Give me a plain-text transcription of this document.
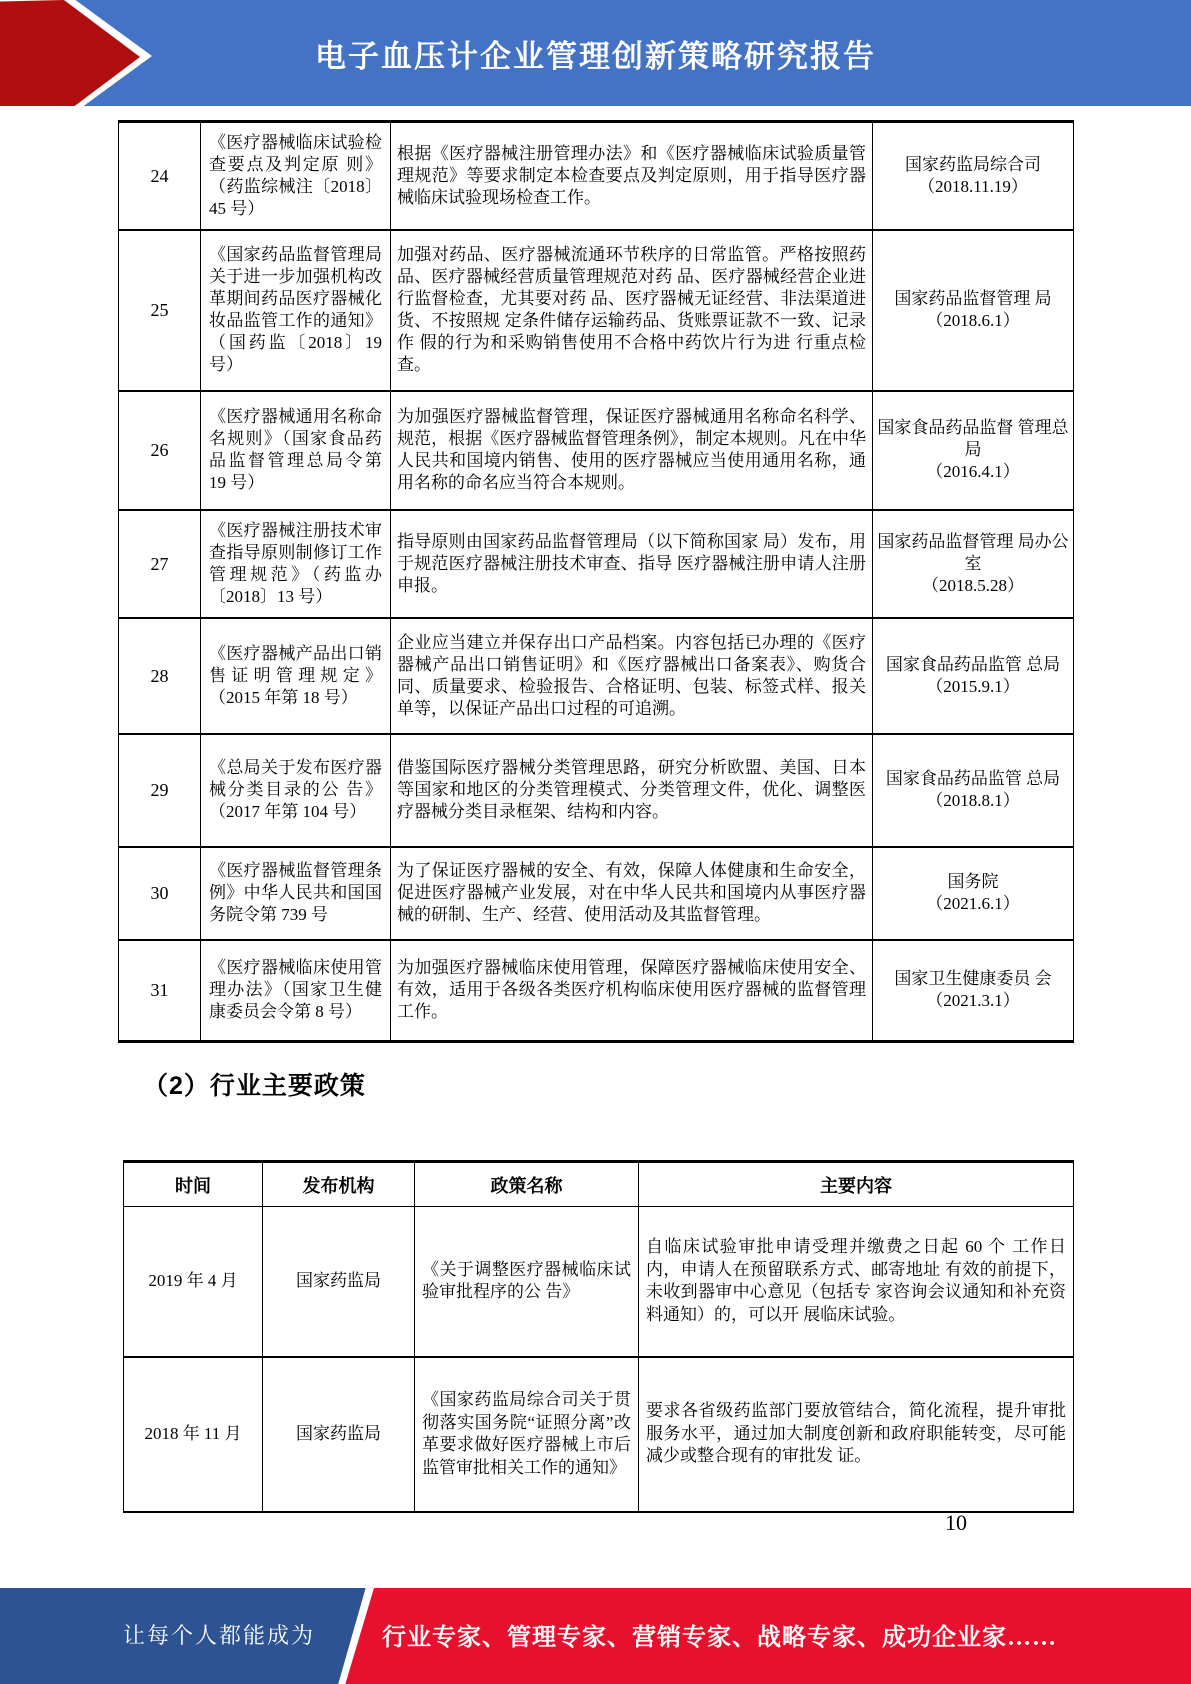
电子血压计企业管理创新策略研究报告
24	《医疗器械临床试验检查要点及判定原 则》（药监综械注〔2018〕 45 号）	根据《医疗器械注册管理办法》和《医疗器械临床试验质量管理规范》等要求制定本检查要点及判定原则，用于指导医疗器械临床试验现场检查工作。	国家药监局综合司
（2018.11.19）

25	《国家药品监督管理局关于进一步加强机构改革期间药品医疗器械化妆品监管工作的通知》（国药监〔2018〕19 号）	加强对药品、医疗器械流通环节秩序的日常监管。严格按照药品、医疗器械经营质量管理规范对药 品、医疗器械经营企业进行监督检查，尤其要对药 品、医疗器械无证经营、非法渠道进货、不按照规 定条件储存运输药品、货账票证款不一致、记录作 假的行为和采购销售使用不合格中药饮片行为进 行重点检查。	国家药品监督管理 局
（2018.6.1）

26	《医疗器械通用名称命名规则》（国家食品药品监督管理总局令第 19 号）	为加强医疗器械监督管理，保证医疗器械通用名称命名科学、规范，根据《医疗器械监督管理条例》，制定本规则。凡在中华人民共和国境内销售、使用的医疗器械应当使用通用名称，通用名称的命名应当符合本规则。	国家食品药品监督 管理总局
（2016.4.1）

27	《医疗器械注册技术审查指导原则制修订工作管理规范》（药监办〔2018〕13 号）	指导原则由国家药品监督管理局（以下简称国家 局）发布，用于规范医疗器械注册技术审查、指导 医疗器械注册申请人注册申报。	国家药品监督管理 局办公室
（2018.5.28）

28	《医疗器械产品出口销售证明管理规定》（2015 年第 18 号）	企业应当建立并保存出口产品档案。内容包括已办理的《医疗器械产品出口销售证明》和《医疗器械出口备案表》、购货合同、质量要求、检验报告、合格证明、包装、标签式样、报关单等，以保证产品出口过程的可追溯。	国家食品药品监管 总局
（2015.9.1）

29	《总局关于发布医疗器械分类目录的公 告》（2017 年第 104 号）	借鉴国际医疗器械分类管理思路，研究分析欧盟、美国、日本等国家和地区的分类管理模式、分类管理文件，优化、调整医疗器械分类目录框架、结构和内容。	国家食品药品监管 总局
（2018.8.1）

30	《医疗器械监督管理条例》中华人民共和国国务院令第 739 号	为了保证医疗器械的安全、有效，保障人体健康和生命安全，促进医疗器械产业发展，对在中华人民共和国境内从事医疗器械的研制、生产、经营、使用活动及其监督管理。	国务院
（2021.6.1）

31	《医疗器械临床使用管理办法》（国家卫生健康委员会令第 8 号）	为加强医疗器械临床使用管理，保障医疗器械临床使用安全、有效，适用于各级各类医疗机构临床使用医疗器械的监督管理工作。	国家卫生健康委员 会
（2021.3.1）
（2）行业主要政策
时间	发布机构	政策名称	主要内容
2019 年 4 月	国家药监局	《关于调整医疗器械临床试验审批程序的公 告》	自临床试验审批申请受理并缴费之日起 60 个 工作日内，申请人在预留联系方式、邮寄地址 有效的前提下，未收到器审中心意见（包括专 家咨询会议通知和补充资料通知）的，可以开 展临床试验。
2018 年 11 月	国家药监局	《国家药监局综合司关于贯彻落实国务院“证照分离”改革要求做好医疗器械上市后监管审批相关工作的通知》	要求各省级药监部门要放管结合，简化流程，提升审批服务水平，通过加大制度创新和政府职能转变，尽可能减少或整合现有的审批发 证。
10
让每个人都能成为	行业专家、管理专家、营销专家、战略专家、成功企业家……
